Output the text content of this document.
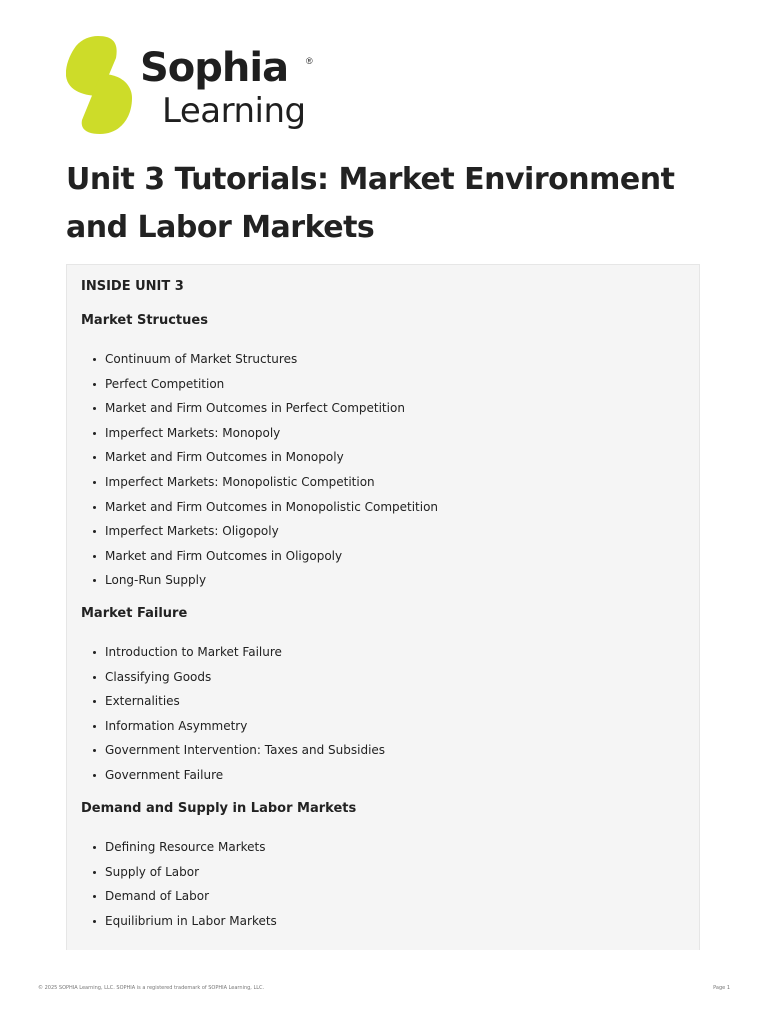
Sophia ®
Learning
Unit 3 Tutorials: Market Environment and Labor Markets
INSIDE UNIT 3
Market Structues
Continuum of Market Structures
Perfect Competition
Market and Firm Outcomes in Perfect Competition
Imperfect Markets: Monopoly
Market and Firm Outcomes in Monopoly
Imperfect Markets: Monopolistic Competition
Market and Firm Outcomes in Monopolistic Competition
Imperfect Markets: Oligopoly
Market and Firm Outcomes in Oligopoly
Long-Run Supply
Market Failure
Introduction to Market Failure
Classifying Goods
Externalities
Information Asymmetry
Government Intervention: Taxes and Subsidies
Government Failure
Demand and Supply in Labor Markets
Defining Resource Markets
Supply of Labor
Demand of Labor
Equilibrium in Labor Markets
© 2025 SOPHIA Learning, LLC. SOPHIA is a registered trademark of SOPHIA Learning, LLC.	Page 1
